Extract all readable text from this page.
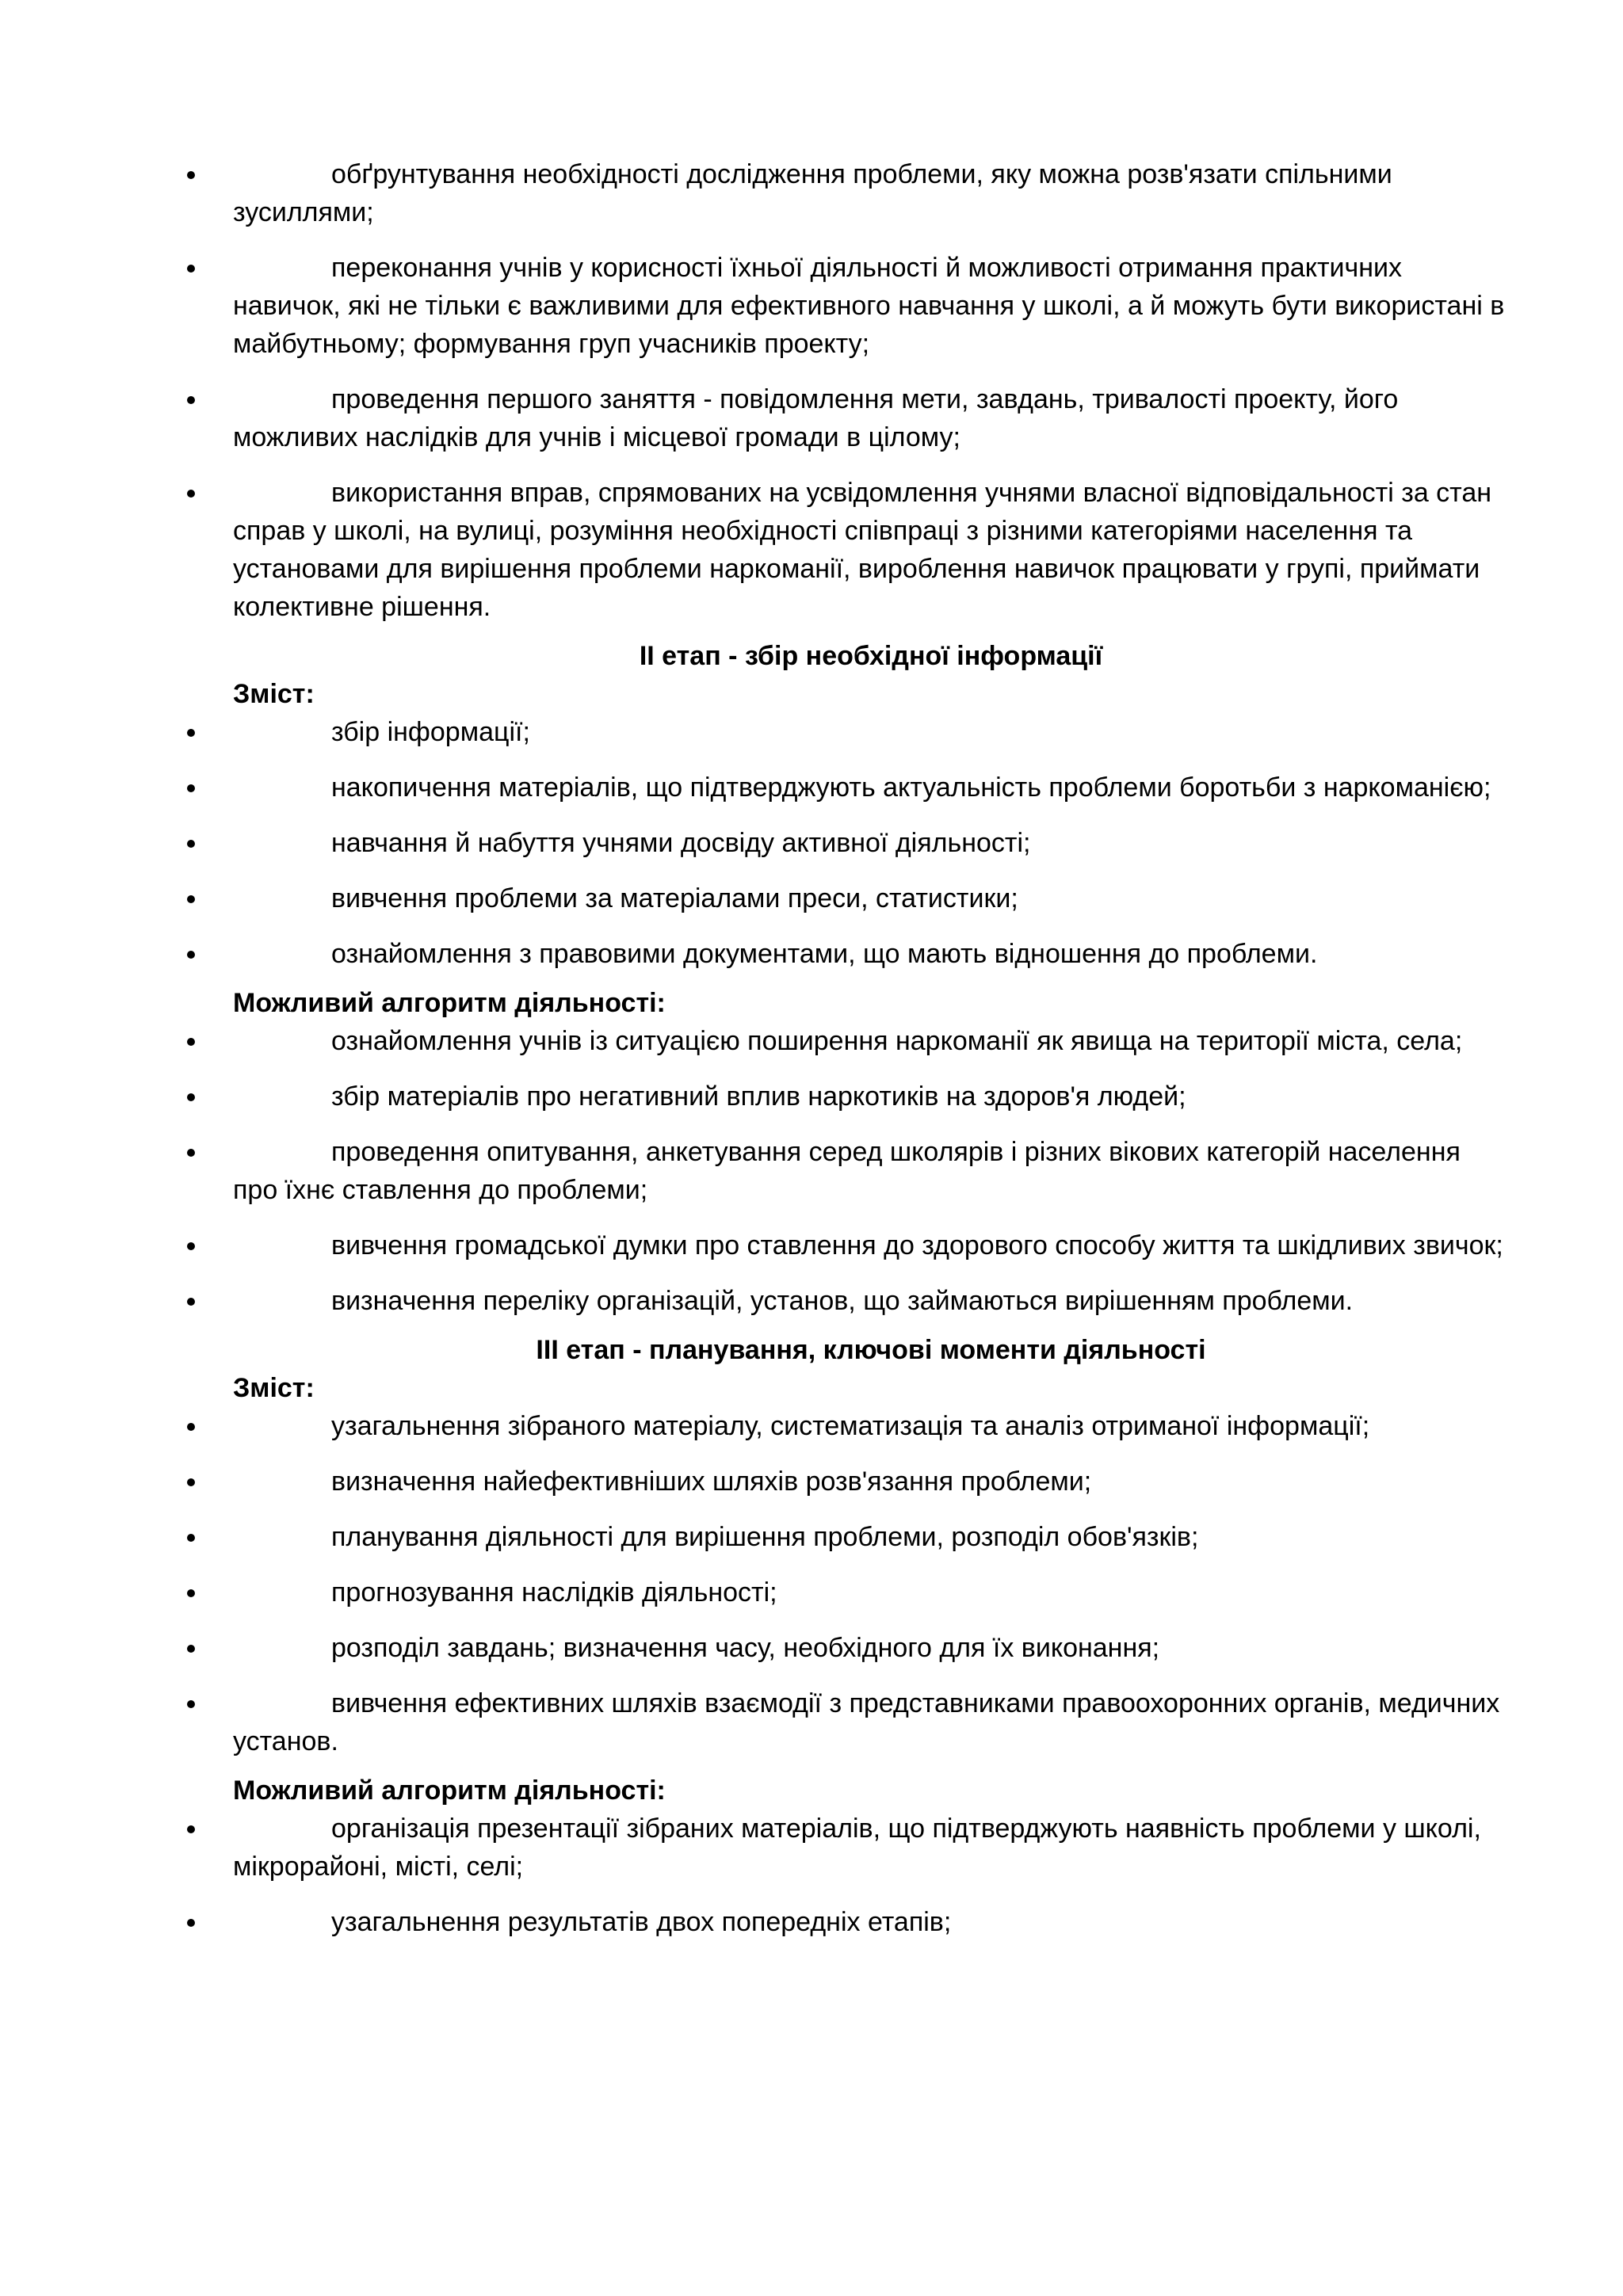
обґрунтування необхідності дослідження проблеми, яку можна розв'язати спільними зусиллями;
переконання учнів у корисності їхньої діяльності й можливості отримання практичних навичок, які не тільки є важливими для ефективного навчання у школі, а й можуть бути використані в майбутньому; формування груп учасників проекту;
проведення першого заняття - повідомлення мети, завдань, тривалості проекту, його можливих наслідків для учнів і місцевої громади в цілому;
використання вправ, спрямованих на усвідомлення учнями власної відповідальності за стан справ у школі, на вулиці, розуміння необхідності співпраці з різними категоріями населення та установами для вирішення проблеми наркоманії, вироблення навичок працювати у групі, приймати колективне рішення.
ІІ етап - збір необхідної інформації
Зміст:
збір інформації;
накопичення матеріалів, що підтверджують актуальність проблеми боротьби з наркоманією;
навчання й набуття учнями досвіду активної діяльності;
вивчення проблеми за матеріалами преси, статистики;
ознайомлення з правовими документами, що мають відношення до проблеми.
Можливий алгоритм діяльності:
ознайомлення учнів із ситуацією поширення наркоманії як явища на території міста, села;
збір матеріалів про негативний вплив наркотиків на здоров'я людей;
проведення опитування, анкетування серед школярів і різних вікових категорій населення про їхнє ставлення до проблеми;
вивчення громадської думки про ставлення до здорового способу життя та шкідливих звичок;
визначення переліку організацій, установ, що займаються вирішенням проблеми.
ІІІ етап - планування, ключові моменти діяльності
Зміст:
узагальнення зібраного матеріалу, систематизація та аналіз отриманої інформації;
визначення найефективніших шляхів розв'язання проблеми;
планування діяльності для вирішення проблеми, розподіл обов'язків;
прогнозування наслідків діяльності;
розподіл завдань; визначення часу, необхідного для їх виконання;
вивчення ефективних шляхів взаємодії з представниками правоохоронних органів, медичних установ.
Можливий алгоритм діяльності:
організація презентації зібраних матеріалів, що підтверджують наявність проблеми у школі, мікрорайоні, місті, селі;
узагальнення результатів двох попередніх етапів;
